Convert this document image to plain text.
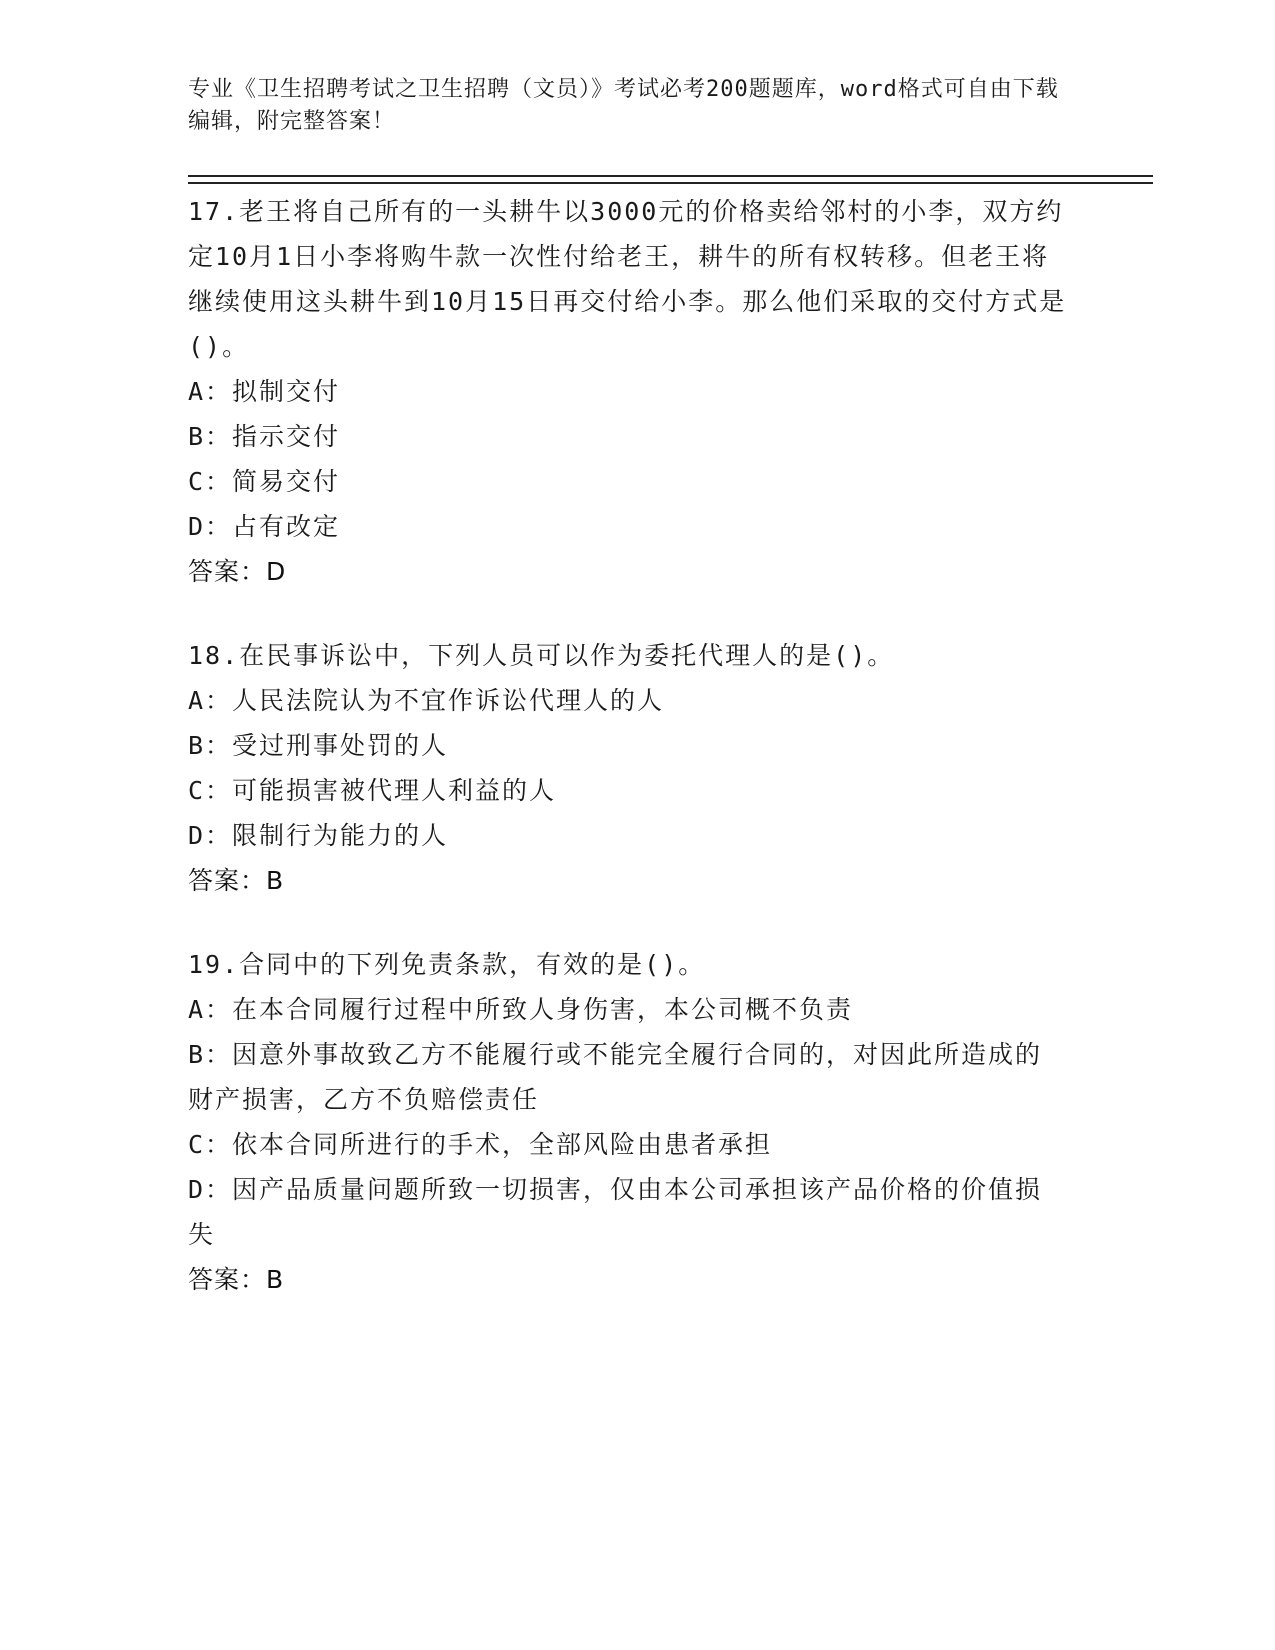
专业《卫生招聘考试之卫生招聘（文员）》考试必考200题题库，word格式可自由下载编辑，附完整答案！
17.老王将自己所有的一头耕牛以3000元的价格卖给邻村的小李，双方约定10月1日小李将购牛款一次性付给老王，耕牛的所有权转移。但老王将继续使用这头耕牛到10月15日再交付给小李。那么他们采取的交付方式是()。
A：拟制交付
B：指示交付
C：简易交付
D：占有改定
答案：D
18.在民事诉讼中，下列人员可以作为委托代理人的是()。
A：人民法院认为不宜作诉讼代理人的人
B：受过刑事处罚的人
C：可能损害被代理人利益的人
D：限制行为能力的人
答案：B
19.合同中的下列免责条款，有效的是()。
A：在本合同履行过程中所致人身伤害，本公司概不负责
B：因意外事故致乙方不能履行或不能完全履行合同的，对因此所造成的财产损害，乙方不负赔偿责任
C：依本合同所进行的手术，全部风险由患者承担
D：因产品质量问题所致一切损害，仅由本公司承担该产品价格的价值损失
答案：B
